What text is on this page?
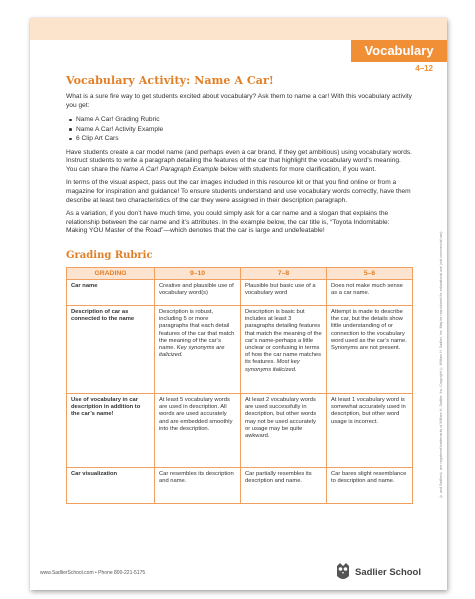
Vocabulary
4–12
Vocabulary Activity: Name A Car!

What is a sure fire way to get students excited about vocabulary? Ask them to name a car! With this vocabulary activity you get:

Name A Car! Grading Rubric
Name A Car! Activity Example
6 Clip Art Cars

Have students create a car model name (and perhaps even a car brand, if they get ambitious) using vocabulary words. Instruct students to write a paragraph detailing the features of the car that highlight the vocabulary word’s meaning. You can share the Name A Car! Paragraph Example below with students for more clarification, if you want.

In terms of the visual aspect, pass out the car images included in this resource kit or that you find online or from a magazine for inspiration and guidance! To ensure students understand and use vocabulary words correctly, have them describe at least two characteristics of the car they were assigned in their description paragraph.

As a variation, if you don’t have much time, you could simply ask for a car name and a slogan that explains the relationship between the car name and it’s attributes. In the example below, the car title is, “Toyota Indomitable: Making YOU Master of the Road”—which denotes that the car is large and undefeatable!

Grading Rubric
GRADING	9–10	7–8	5–6
Car name	Creative and plausible use of vocabulary word(s)	Plausible but basic use of a vocabulary word	Does not make much sense as a car name.
Description of car as connected to the name	Description is robust, including 5 or more paragraphs that each detail features of the car that match the meaning of the car’s name. Key synonyms are italicized.	Description is basic but includes at least 3 paragraphs detailing features that match the meaning of the car’s name-perhaps a little unclear or confusing in terms of how the car name matches its features. Most key synonyms italicized.	Attempt is made to describe the car, but the details show little understanding of or connection to the vocabulary word used as the car’s name. Synonyms are not present.
Use of vocabulary in car description in addition to the car’s name!	At least 5 vocabulary words are used in description. All words are used accurately and are embedded smoothly into the description.	At least 2 vocabulary words are used successfully in description, but other words may not be used accurately or usage may be quite awkward.	At least 1 vocabulary word is somewhat accurately used in description, but other word usage is incorrect.
Car visualization	Car resembles its description and name.	Car partially resembles its description and name.	Car bares slight resemblance to description and name.	® and Sadlier® are registered trademarks of William H. Sadlier, Inc. Copyright © William H. Sadlier, Inc. May be reproduced for educational use (not commercial use).
www.SadlierSchool.com • Phone 800-221-5175	Sadlier School
